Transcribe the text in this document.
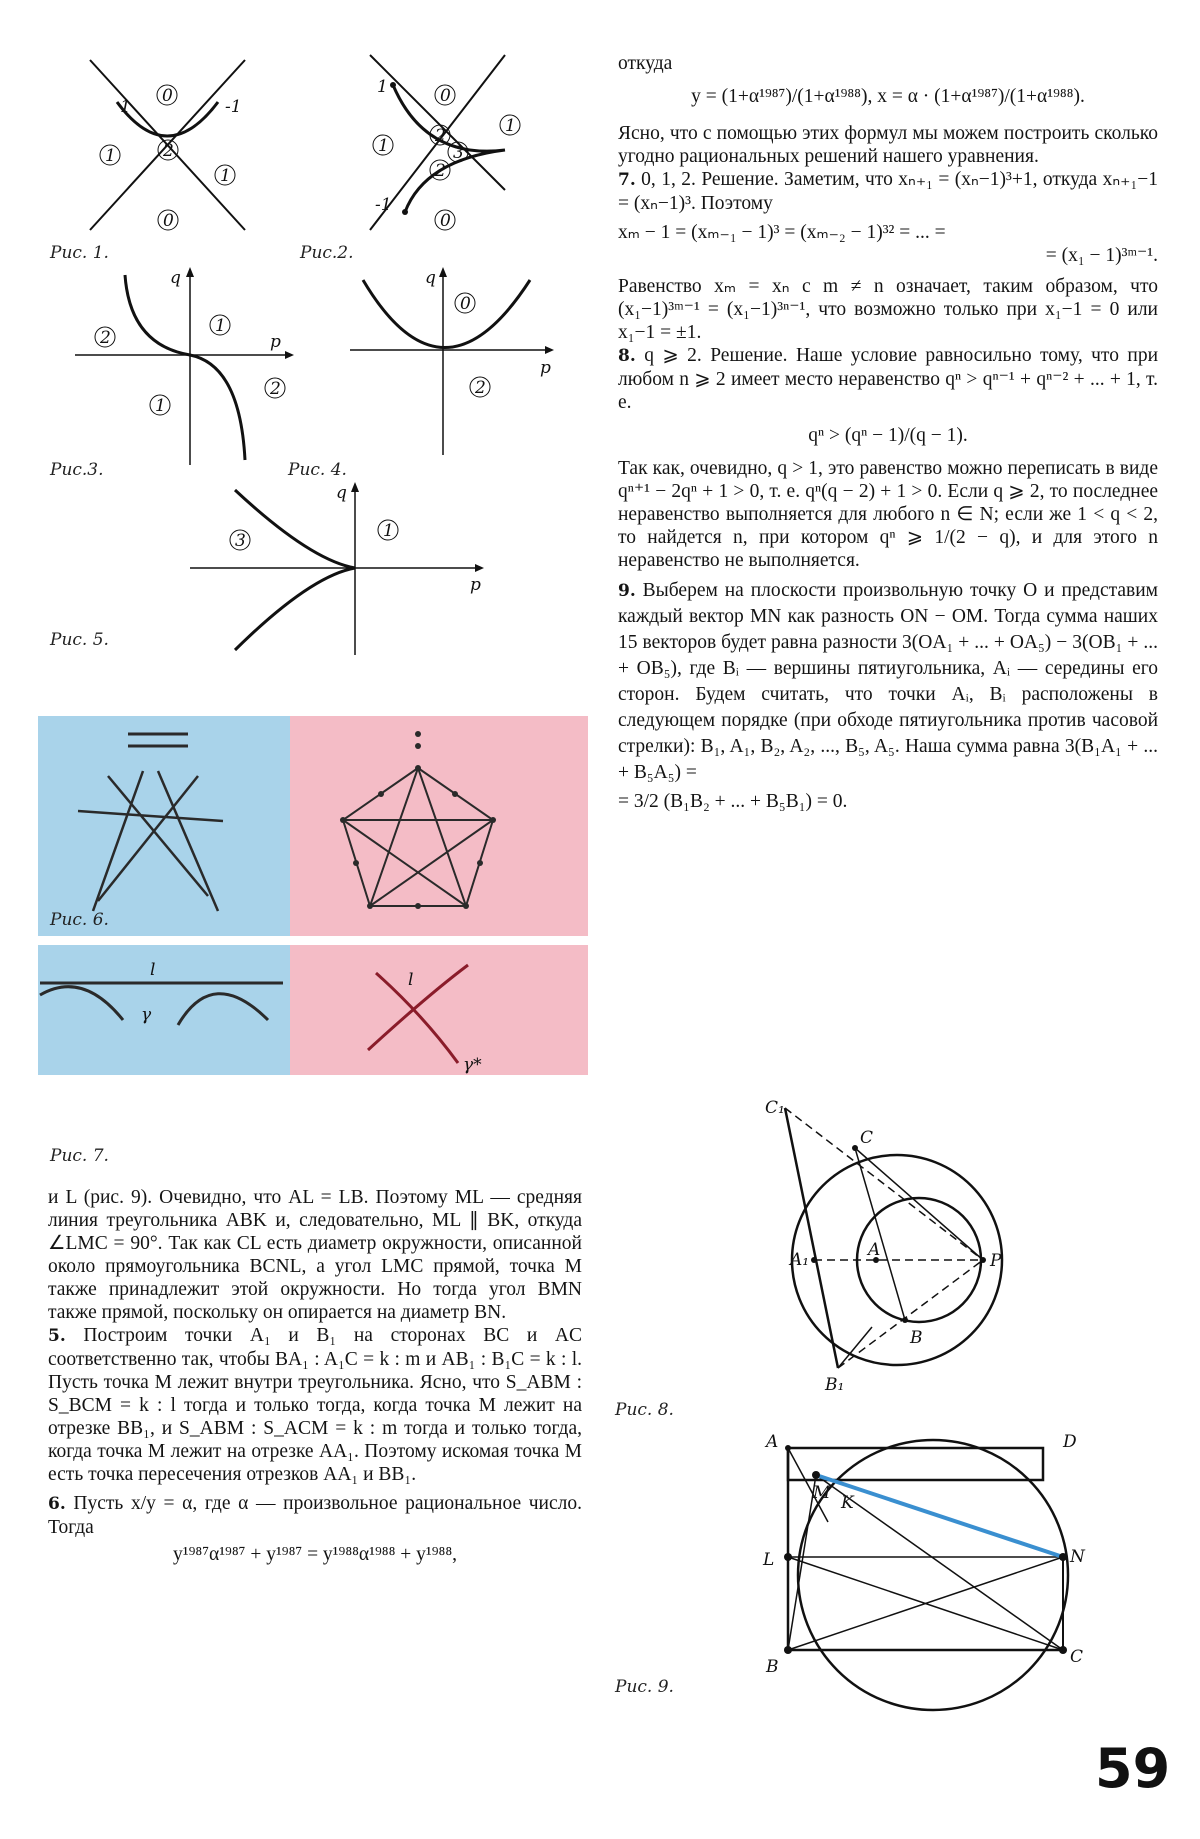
1	-1
0
1	2
1
0
Рис. 1.
1
-1
0
1
1
2
3
2
0
Рис.2.
q
p
2
1
1
2
Рис.3.
q
p
0
2
Рис. 4.
q
p
3	1
Рис. 5.
Рис. 6.
l
γ
l
γ*
Рис. 7.

и L (рис. 9). Очевидно, что AL = LB. Поэтому ML — средняя линия треугольника ABK и, следовательно, ML ∥ BK, откуда ∠LMC = 90°. Так как CL есть диаметр окружности, описанной около прямоугольника BCNL, а угол LMC прямой, точка M также принадлежит этой окружности. Но тогда угол BMN также прямой, поскольку он опирается на диаметр BN.

5. Построим точки A₁ и B₁ на сторонах BC и AC соответственно так, чтобы BA₁ : A₁C = k : m и AB₁ : B₁C = k : l. Пусть точка M лежит внутри треугольника. Ясно, что S_ABM : S_BCM = k : l тогда и только тогда, когда точка M лежит на отрезке BB₁, и S_ABM : S_ACM = k : m тогда и только тогда, когда точка M лежит на отрезке AA₁. Поэтому искомая точка M есть точка пересечения отрезков AA₁ и BB₁.

6. Пусть x/y = α, где α — произвольное рациональное число. Тогда

y¹⁹⁸⁷α¹⁹⁸⁷ + y¹⁹⁸⁷ = y¹⁹⁸⁸α¹⁹⁸⁸ + y¹⁹⁸⁸,

откуда

y = (1+α¹⁹⁸⁷)/(1+α¹⁹⁸⁸), x = α · (1+α¹⁹⁸⁷)/(1+α¹⁹⁸⁸).

Ясно, что с помощью этих формул мы можем построить сколько угодно рациональных решений нашего уравнения.

7. 0, 1, 2. Решение. Заметим, что xₙ₊₁ = (xₙ−1)³+1, откуда xₙ₊₁−1 = (xₙ−1)³. Поэтому

xₘ − 1 = (xₘ₋₁ − 1)³ = (xₘ₋₂ − 1)³² = ... =

= (x₁ − 1)³ᵐ⁻¹.

Равенство xₘ = xₙ с m ≠ n означает, таким образом, что (x₁−1)³ᵐ⁻¹ = (x₁−1)³ⁿ⁻¹, что возможно только при x₁−1 = 0 или x₁−1 = ±1.

8. q ⩾ 2. Решение. Наше условие равносильно тому, что при любом n ⩾ 2 имеет место неравенство qⁿ > qⁿ⁻¹ + qⁿ⁻² + ... + 1, т. е.

qⁿ > (qⁿ − 1)/(q − 1).

Так как, очевидно, q > 1, это равенство можно переписать в виде qⁿ⁺¹ − 2qⁿ + 1 > 0, т. е. qⁿ(q − 2) + 1 > 0. Если q ⩾ 2, то последнее неравенство выполняется для любого n ∈ N; если же 1 < q < 2, то найдется n, при котором qⁿ ⩾ 1/(2 − q), и для этого n неравенство не выполняется.

9. Выберем на плоскости произвольную точку O и представим каждый вектор MN как разность ON − OM. Тогда сумма наших 15 векторов будет равна разности 3(OA₁ + ... + OA₅) − 3(OB₁ + ... + OB₅), где Bᵢ — вершины пятиугольника, Aᵢ — середины его сторон. Будем считать, что точки Aᵢ, Bᵢ расположены в следующем порядке (при обходе пятиугольника против часовой стрелки): B₁, A₁, B₂, A₂, ..., B₅, A₅. Наша сумма равна 3(B₁A₁ + ... + B₅A₅) =

= 3/2 (B₁B₂ + ... + B₅B₁) = 0.

C₁
C
A
A₁	P
B
B₁
Рис. 8.
A	D
M K
L	N
B	C
Рис. 9.
59
